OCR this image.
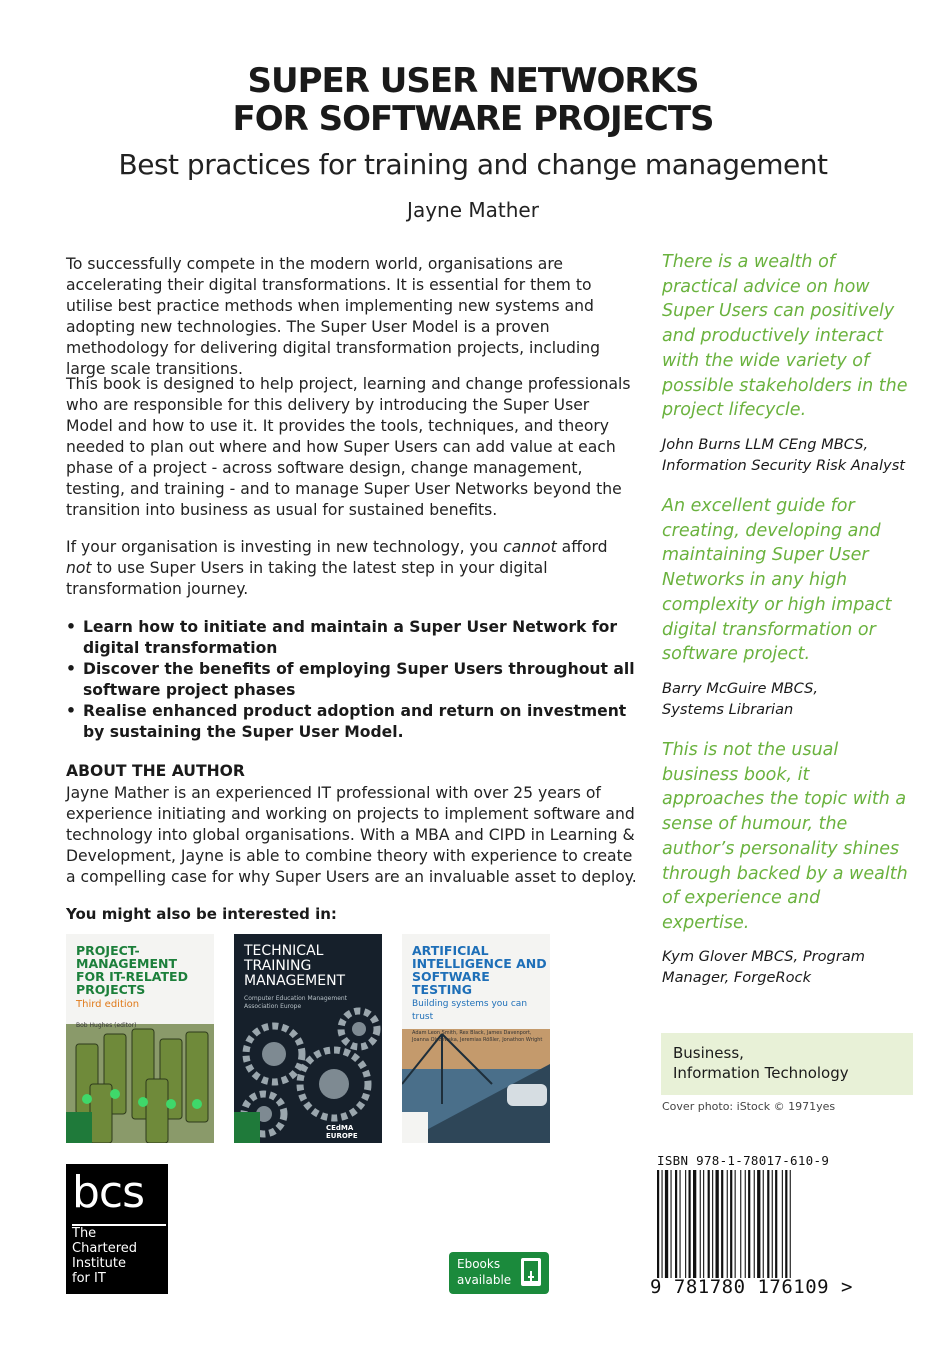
SUPER USER NETWORKS
FOR SOFTWARE PROJECTS
Best practices for training and change management
Jayne Mather
To successfully compete in the modern world, organisations are accelerating their digital transformations. It is essential for them to utilise best practice methods when implementing new systems and adopting new technologies. The Super User Model is a proven methodology for delivering digital transformation projects, including large scale transitions.
This book is designed to help project, learning and change professionals who are responsible for this delivery by introducing the Super User Model and how to use it. It provides the tools, techniques, and theory needed to plan out where and how Super Users can add value at each phase of a project - across software design, change management, testing, and training - and to manage Super User Networks beyond the transition into business as usual for sustained benefits.
If your organisation is investing in new technology, you cannot afford not to use Super Users in taking the latest step in your digital transformation journey.
• Learn how to initiate and maintain a Super User Network for digital transformation
• Discover the benefits of employing Super Users throughout all software project phases
• Realise enhanced product adoption and return on investment by sustaining the Super User Model.
ABOUT THE AUTHOR
Jayne Mather is an experienced IT professional with over 25 years of experience initiating and working on projects to implement software and technology into global organisations. With a MBA and CIPD in Learning & Development, Jayne is able to combine theory with experience to create a compelling case for why Super Users are an invaluable asset to deploy.
You might also be interested in:
PROJECT-
MANAGEMENT
FOR IT-RELATED
PROJECTS
Third edition
Bob Hughes (editor)
TECHNICAL
TRAINING
MANAGEMENT
Computer Education Management
Association Europe
CEdMA EUROPE
ARTIFICIAL
INTELLIGENCE AND
SOFTWARE TESTING
Building systems you can trust
Adam Leon Smith, Rex Black, James Davenport,
Joanna Olszewska, Jeremias Rößler, Jonathon Wright
There is a wealth of practical advice on how Super Users can positively and productively interact with the wide variety of possible stakeholders in the project lifecycle.
John Burns LLM CEng MBCS,
Information Security Risk Analyst
An excellent guide for creating, developing and maintaining Super User Networks in any high complexity or high impact digital transformation or software project.
Barry McGuire MBCS,
Systems Librarian
This is not the usual business book, it approaches the topic with a sense of humour, the author’s personality shines through backed by a wealth of experience and expertise.
Kym Glover MBCS, Program
Manager, ForgeRock
Business,
Information Technology
Cover photo: iStock © 1971yes
ISBN 978-1-78017-610-9
9 781780 176109 >
bcs
The
Chartered
Institute
for IT
Ebooks
available
